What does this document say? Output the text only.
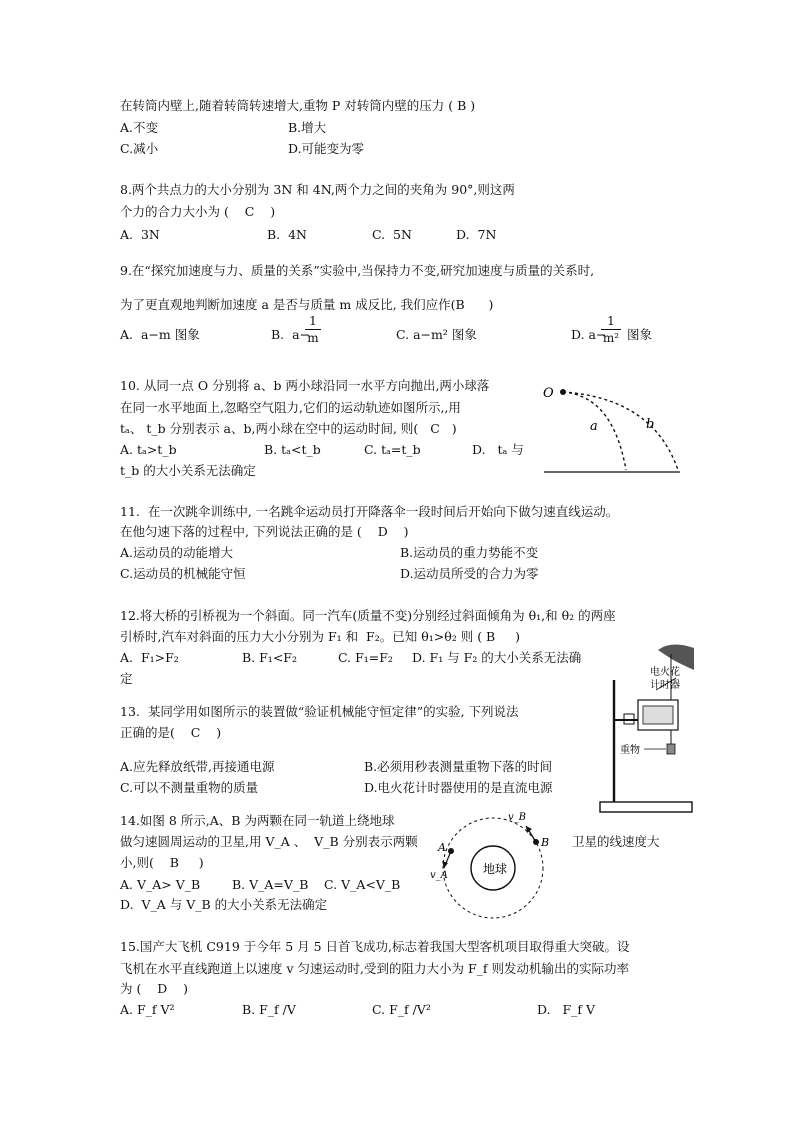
在转筒内壁上,随着转筒转速增大,重物 P 对转筒内壁的压力 ( B )
A.不变	B.增大
C.减小	D.可能变为零
8.两个共点力的大小分别为 3N 和 4N,两个力之间的夹角为 90°,则这两
个力的合力大小为 (    C    )
A.  3N	B.  4N	C.  5N	D.  7N
9.在“探究加速度与力、质量的关系”实验中,当保持力不变,研究加速度与质量的关系时,
为了更直观地判断加速度 a 是否与质量 m 成反比, 我们应作(B      )
A.  a−m 图象	B.  a−
$\frac{1}{m}$	C. a−m² 图象	D. a−
$\frac{1}{\text{m²}}$ 图象
10. 从同一点 O 分别将 a、b 两小球沿同一水平方向抛出,两小球落
在同一水平地面上,忽略空气阻力,它们的运动轨迹如图所示,,用
tₐ、 t_b 分别表示 a、b,两小球在空中的运动时间, 则(   C   )
A. tₐ>t_b	B. tₐ<t_b	C. tₐ=t_b	D.   tₐ 与
t_b 的大小关系无法确定
O
a	b
11.  在一次跳伞训练中, 一名跳伞运动员打开降落伞一段时间后开始向下做匀速直线运动。
在他匀速下落的过程中, 下列说法正确的是 (    D    )
A.运动员的动能增大	B.运动员的重力势能不变
C.运动员的机械能守恒	D.运动员所受的合力为零
12.将大桥的引桥视为一个斜面。同一汽车(质量不变)分别经过斜面倾角为 θ₁,和 θ₂ 的两座
引桥时,汽车对斜面的压力大小分别为 F₁ 和  F₂。已知 θ₁>θ₂ 则 ( B     )
A.  F₁>F₂	B. F₁<F₂	C. F₁=F₂ D. F₁ 与 F₂ 的大小关系无法确
定
13.  某同学用如图所示的装置做“验证机械能守恒定律”的实验, 下列说法
正确的是(    C    )
A.应先释放纸带,再接通电源	B.必须用秒表测量重物下落的时间
C.可以不测量重物的质量	D.电火花计时器使用的是直流电源
电火花
计时器
重物
14.如图 8 所示,A、B 为两颗在同一轨道上绕地球
做匀速圆周运动的卫星,用 V_A 、  V_B 分别表示两颗	卫星的线速度大
小,则(    B     )
A. V_A> V_B	B. V_A=V_B C. V_A<V_B
D.  V_A 与 V_B 的大小关系无法确定
地球
A	B
v_A
v_B
15.国产大飞机 C919 于今年 5 月 5 日首飞成功,标志着我国大型客机项目取得重大突破。设
飞机在水平直线跑道上以速度 v 匀速运动时,受到的阻力大小为 F_f 则发动机输出的实际功率
为 (    D    )
A. F_f V²	B. F_f /V	C. F_f /V²	D.   F_f V
